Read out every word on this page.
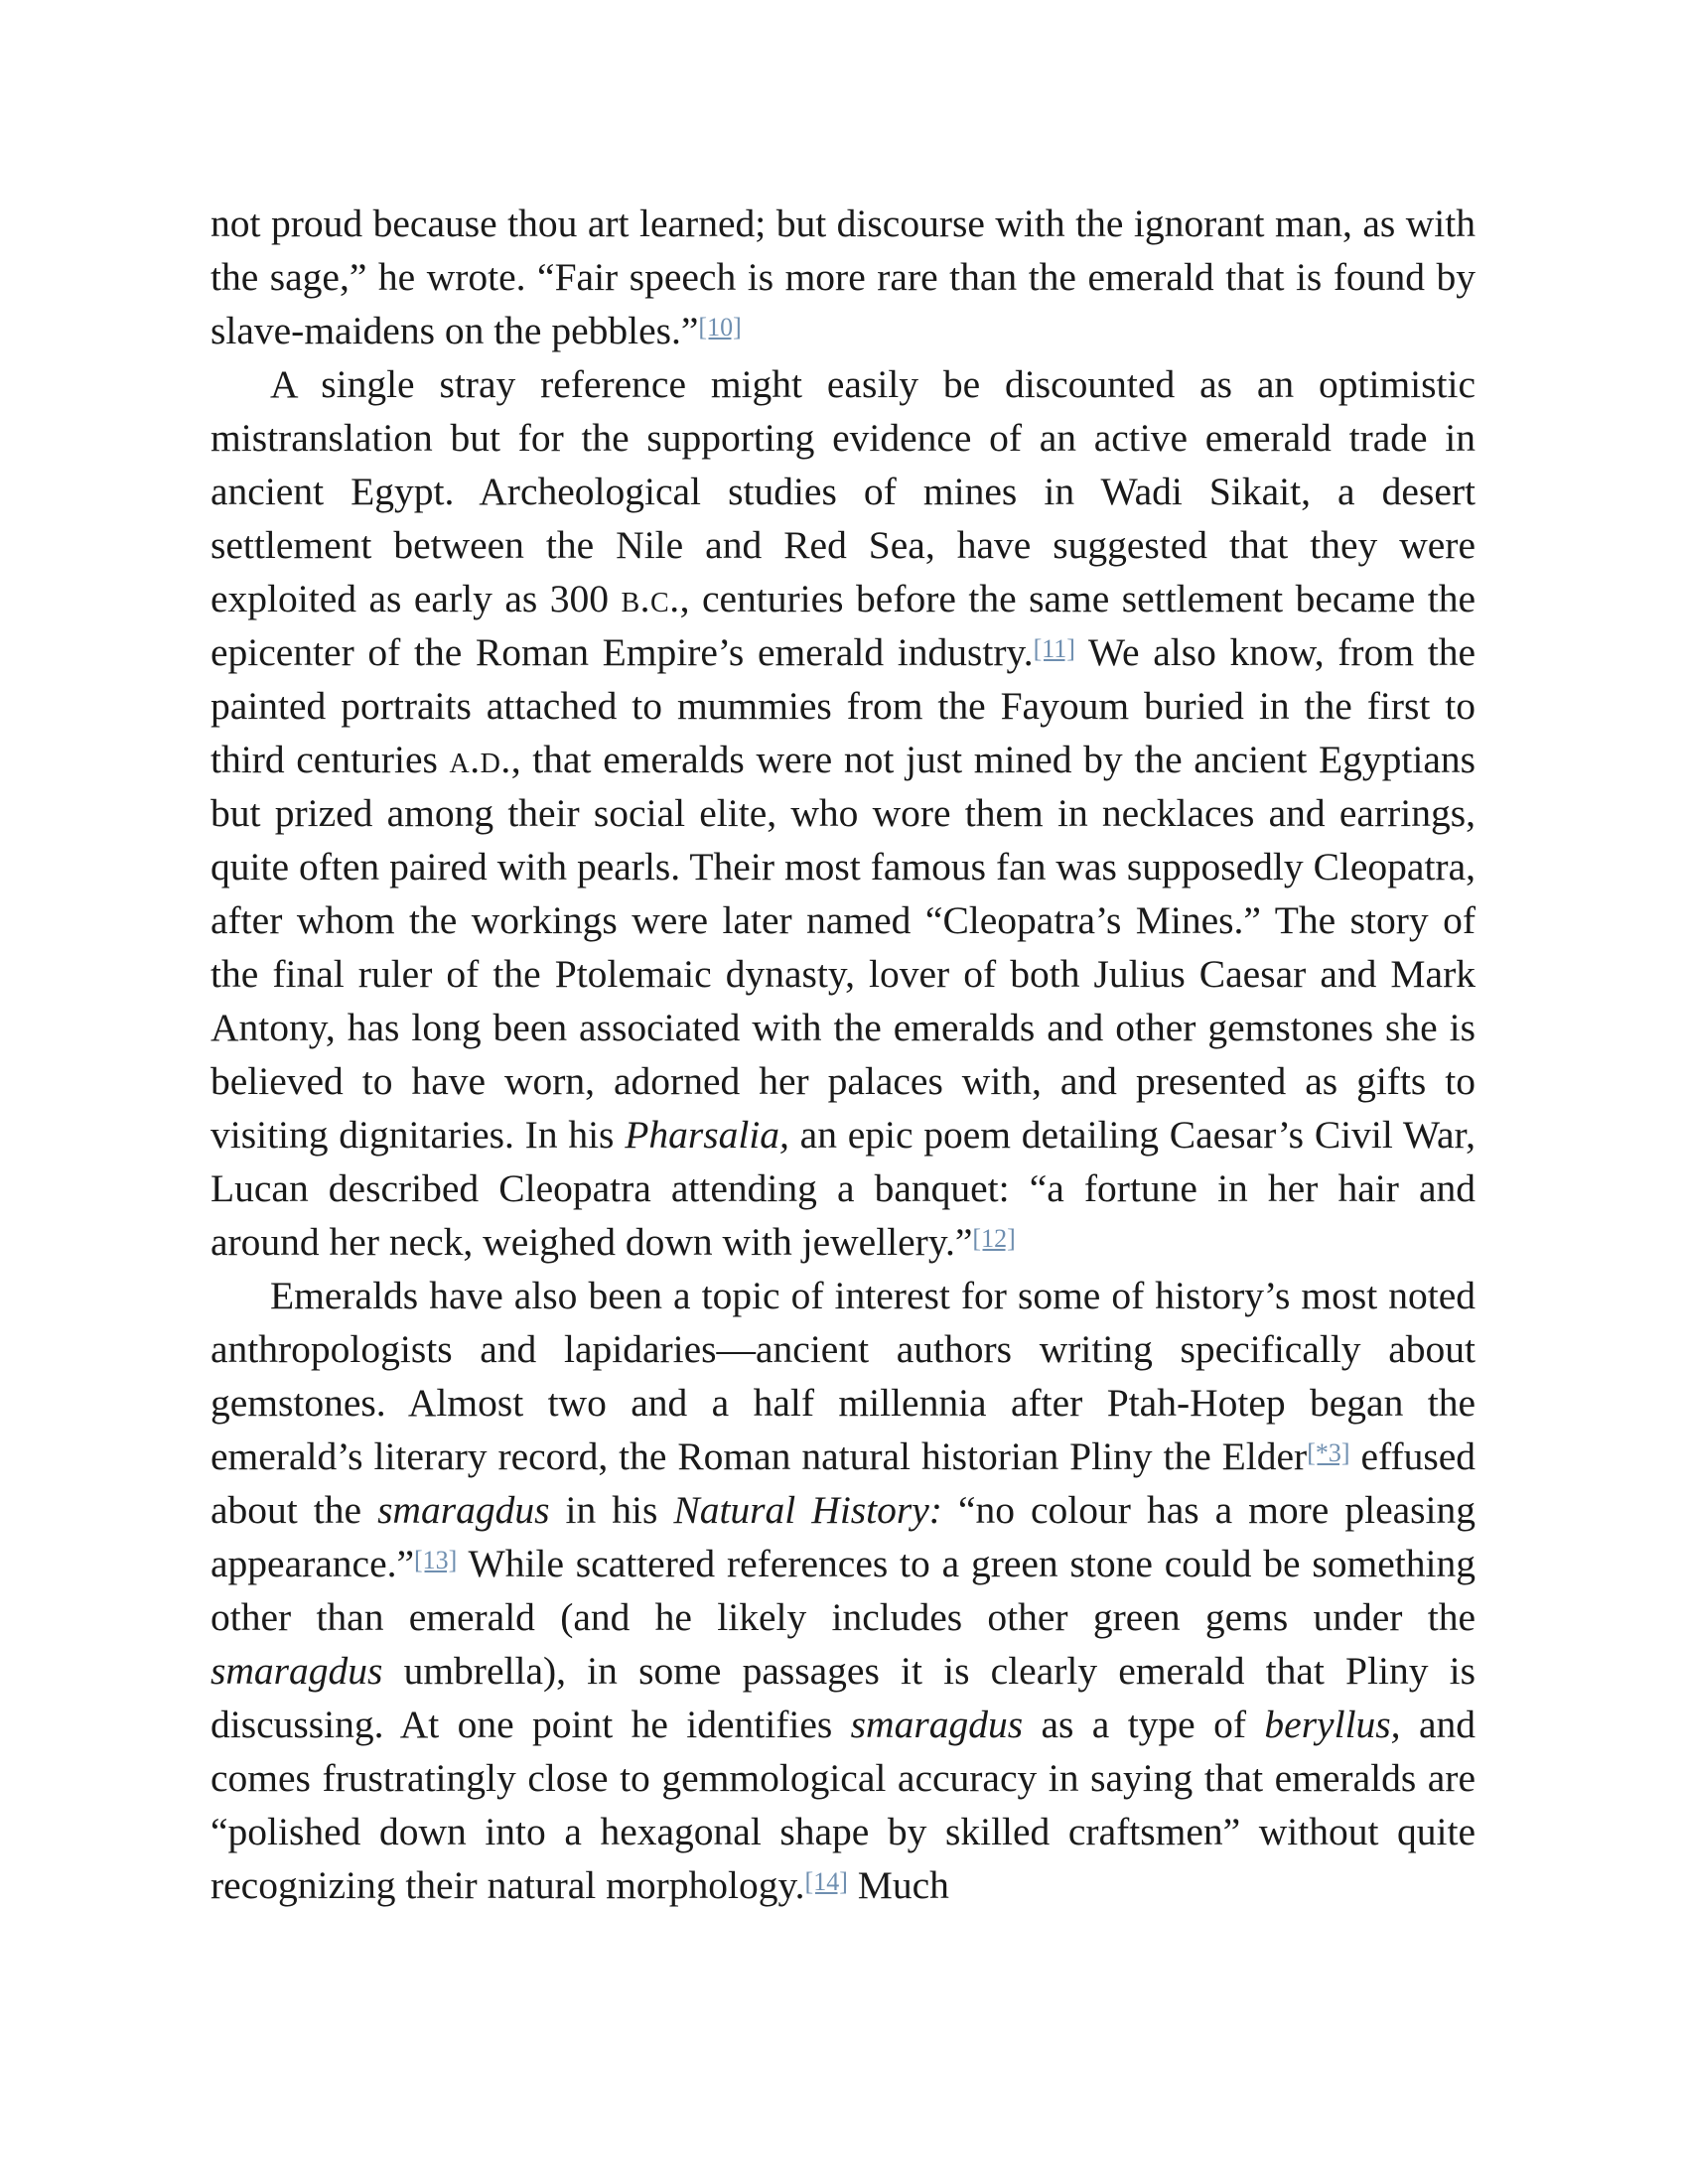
not proud because thou art learned; but discourse with the ignorant man, as with the sage,” he wrote. “Fair speech is more rare than the emerald that is found by slave-maidens on the pebbles.”[10]

A single stray reference might easily be discounted as an optimistic mistranslation but for the supporting evidence of an active emerald trade in ancient Egypt. Archeological studies of mines in Wadi Sikait, a desert settlement between the Nile and Red Sea, have suggested that they were exploited as early as 300 b.c., centuries before the same settlement became the epicenter of the Roman Empire’s emerald industry.[11] We also know, from the painted portraits attached to mummies from the Fayoum buried in the first to third centuries a.d., that emeralds were not just mined by the ancient Egyptians but prized among their social elite, who wore them in necklaces and earrings, quite often paired with pearls. Their most famous fan was supposedly Cleopatra, after whom the workings were later named “Cleopatra’s Mines.” The story of the final ruler of the Ptolemaic dynasty, lover of both Julius Caesar and Mark Antony, has long been associated with the emeralds and other gemstones she is believed to have worn, adorned her palaces with, and presented as gifts to visiting dignitaries. In his Pharsalia, an epic poem detailing Caesar’s Civil War, Lucan described Cleopatra attending a banquet: “a fortune in her hair and around her neck, weighed down with jewellery.”[12]

Emeralds have also been a topic of interest for some of history’s most noted anthropologists and lapidaries—ancient authors writing specifically about gemstones. Almost two and a half millennia after Ptah-Hotep began the emerald’s literary record, the Roman natural historian Pliny the Elder[*3] effused about the smaragdus in his Natural History: “no colour has a more pleasing appearance.”[13] While scattered references to a green stone could be something other than emerald (and he likely includes other green gems under the smaragdus umbrella), in some passages it is clearly emerald that Pliny is discussing. At one point he identifies smaragdus as a type of beryllus, and comes frustratingly close to gemmological accuracy in saying that emeralds are “polished down into a hexagonal shape by skilled craftsmen” without quite recognizing their natural morphology.[14] Much
